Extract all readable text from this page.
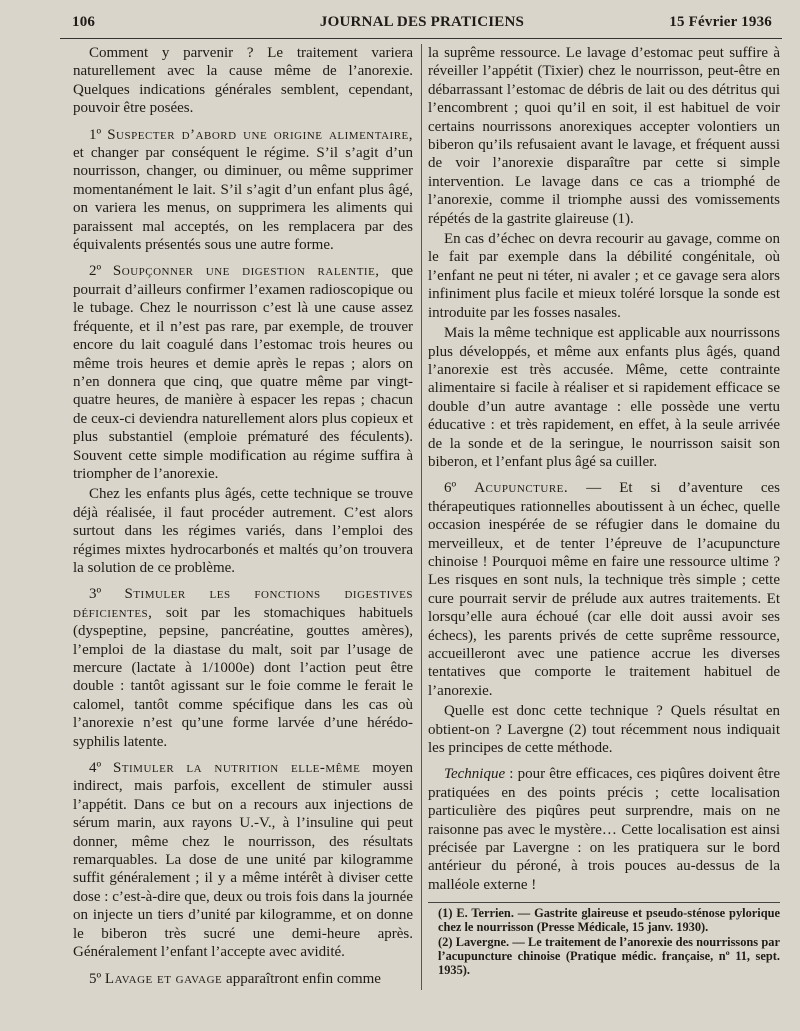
106	JOURNAL DES PRATICIENS	15 Février 1936

Comment y parvenir ? Le traitement variera naturellement avec la cause même de l’anorexie. Quelques indications générales semblent, cependant, pouvoir être posées.

1º Suspecter d’abord une origine alimentaire, et changer par conséquent le régime. S’il s’agit d’un nourrisson, changer, ou diminuer, ou même supprimer momentanément le lait. S’il s’agit d’un enfant plus âgé, on variera les menus, on supprimera les aliments qui paraissent mal acceptés, on les remplacera par des équivalents présentés sous une autre forme.

2º Soupçonner une digestion ralentie, que pourrait d’ailleurs confirmer l’examen radioscopique ou le tubage. Chez le nourrisson c’est là une cause assez fréquente, et il n’est pas rare, par exemple, de trouver encore du lait coagulé dans l’estomac trois heures ou même trois heures et demie après le repas ; alors on n’en donnera que cinq, que quatre même par vingt-quatre heures, de manière à espacer les repas ; chacun de ceux-ci deviendra naturellement alors plus copieux et plus substantiel (emploie prématuré des féculents). Souvent cette simple modification au régime suffira à triompher de l’anorexie.

Chez les enfants plus âgés, cette technique se trouve déjà réalisée, il faut procéder autrement. C’est alors surtout dans les régimes variés, dans l’emploi des régimes mixtes hydrocarbonés et maltés qu’on trouvera la solution de ce problème.

3º Stimuler les fonctions digestives déficientes, soit par les stomachiques habituels (dyspeptine, pepsine, pancréatine, gouttes amères), l’emploi de la diastase du malt, soit par l’usage de mercure (lactate à 1/1000e) dont l’action peut être double : tantôt agissant sur le foie comme le ferait le calomel, tantôt comme spécifique dans les cas où l’anorexie n’est qu’une forme larvée d’une hérédo-syphilis latente.

4º Stimuler la nutrition elle-même moyen indirect, mais parfois, excellent de stimuler aussi l’appétit. Dans ce but on a recours aux injections de sérum marin, aux rayons U.-V., à l’insuline qui peut donner, même chez le nourrisson, des résultats remarquables. La dose de une unité par kilogramme suffit généralement ; il y a même intérêt à diviser cette dose : c’est-à-dire que, deux ou trois fois dans la journée on injecte un tiers d’unité par kilogramme, et on donne le biberon très sucré une demi-heure après. Généralement l’enfant l’accepte avec avidité.

5º Lavage et gavage apparaîtront enfin comme

la suprême ressource. Le lavage d’estomac peut suffire à réveiller l’appétit (Tixier) chez le nourrisson, peut-être en débarrassant l’estomac de débris de lait ou des détritus qui l’encombrent ; quoi qu’il en soit, il est habituel de voir certains nourrissons anorexiques accepter volontiers un biberon qu’ils refusaient avant le lavage, et fréquent aussi de voir l’anorexie disparaître par cette si simple intervention. Le lavage dans ce cas a triomphé de l’anorexie, comme il triomphe aussi des vomissements répétés de la gastrite glaireuse (1).

En cas d’échec on devra recourir au gavage, comme on le fait par exemple dans la débilité congénitale, où l’enfant ne peut ni téter, ni avaler ; et ce gavage sera alors infiniment plus facile et mieux toléré lorsque la sonde est introduite par les fosses nasales.

Mais la même technique est applicable aux nourrissons plus développés, et même aux enfants plus âgés, quand l’anorexie est très accusée. Même, cette contrainte alimentaire si facile à réaliser et si rapidement efficace se double d’un autre avantage : elle possède une vertu éducative : et très rapidement, en effet, à la seule arrivée de la sonde et de la seringue, le nourrisson saisit son biberon, et l’enfant plus âgé sa cuiller.

6º Acupuncture. — Et si d’aventure ces thérapeutiques rationnelles aboutissent à un échec, quelle occasion inespérée de se réfugier dans le domaine du merveilleux, et de tenter l’épreuve de l’acupuncture chinoise ! Pourquoi même en faire une ressource ultime ? Les risques en sont nuls, la technique très simple ; cette cure pourrait servir de prélude aux autres traitements. Et lorsqu’elle aura échoué (car elle doit aussi avoir ses échecs), les parents privés de cette suprême ressource, accueilleront avec une patience accrue les diverses tentatives que comporte le traitement habituel de l’anorexie.

Quelle est donc cette technique ? Quels résultat en obtient-on ? Lavergne (2) tout récemment nous indiquait les principes de cette méthode.

Technique : pour être efficaces, ces piqûres doivent être pratiquées en des points précis ; cette localisation particulière des piqûres peut surprendre, mais on ne raisonne pas avec le mystère… Cette localisation est ainsi précisée par Lavergne : on les pratiquera sur le bord antérieur du péroné, à trois pouces au-dessus de la malléole externe !

(1) E. Terrien. — Gastrite glaireuse et pseudo-sténose pylorique chez le nourrisson (Presse Médicale, 15 janv. 1930).

(2) Lavergne. — Le traitement de l’anorexie des nourrissons par l’acupuncture chinoise (Pratique médic. française, nº 11, sept. 1935).
